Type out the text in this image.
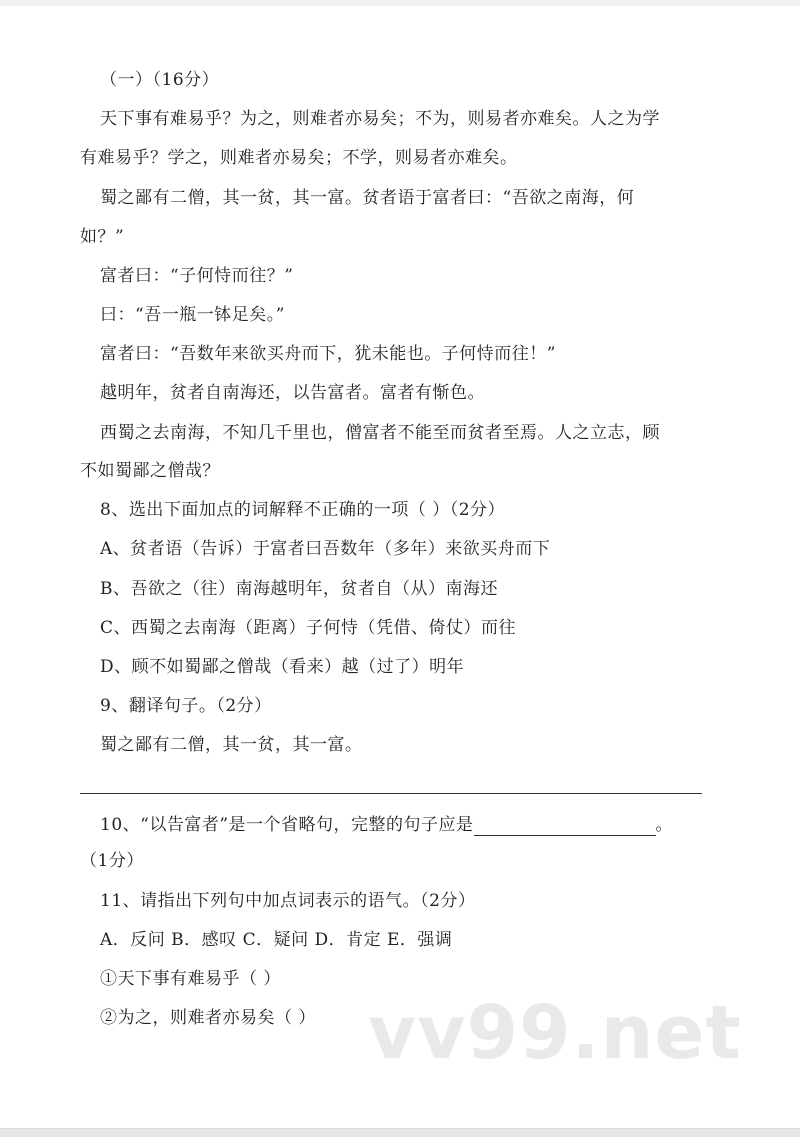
（一）（16分）
天下事有难易乎？为之，则难者亦易矣；不为，则易者亦难矣。人之为学
有难易乎？学之，则难者亦易矣；不学，则易者亦难矣。
蜀之鄙有二僧，其一贫，其一富。贫者语于富者曰：“吾欲之南海，何
如？”
富者曰：“子何恃而往？”
曰：“吾一瓶一钵足矣。”
富者曰：“吾数年来欲买舟而下，犹未能也。子何恃而往！”
越明年，贫者自南海还，以告富者。富者有惭色。
西蜀之去南海，不知几千里也，僧富者不能至而贫者至焉。人之立志，顾
不如蜀鄙之僧哉？
8、选出下面加点的词解释不正确的一项（ ）（2分）
A、贫者语（告诉）于富者曰吾数年（多年）来欲买舟而下
B、吾欲之（往）南海越明年，贫者自（从）南海还
C、西蜀之去南海（距离）子何恃（凭借、倚仗）而往
D、顾不如蜀鄙之僧哉（看来）越（过了）明年
9、翻译句子。（2分）
蜀之鄙有二僧，其一贫，其一富。
10、“以告富者”是一个省略句，完整的句子应是	。
（1分）
11、请指出下列句中加点词表示的语气。（2分）
A．反问 B．感叹 C．疑问 D．肯定 E．强调
①天下事有难易乎（ ）
②为之，则难者亦易矣（ ） vv99.net
